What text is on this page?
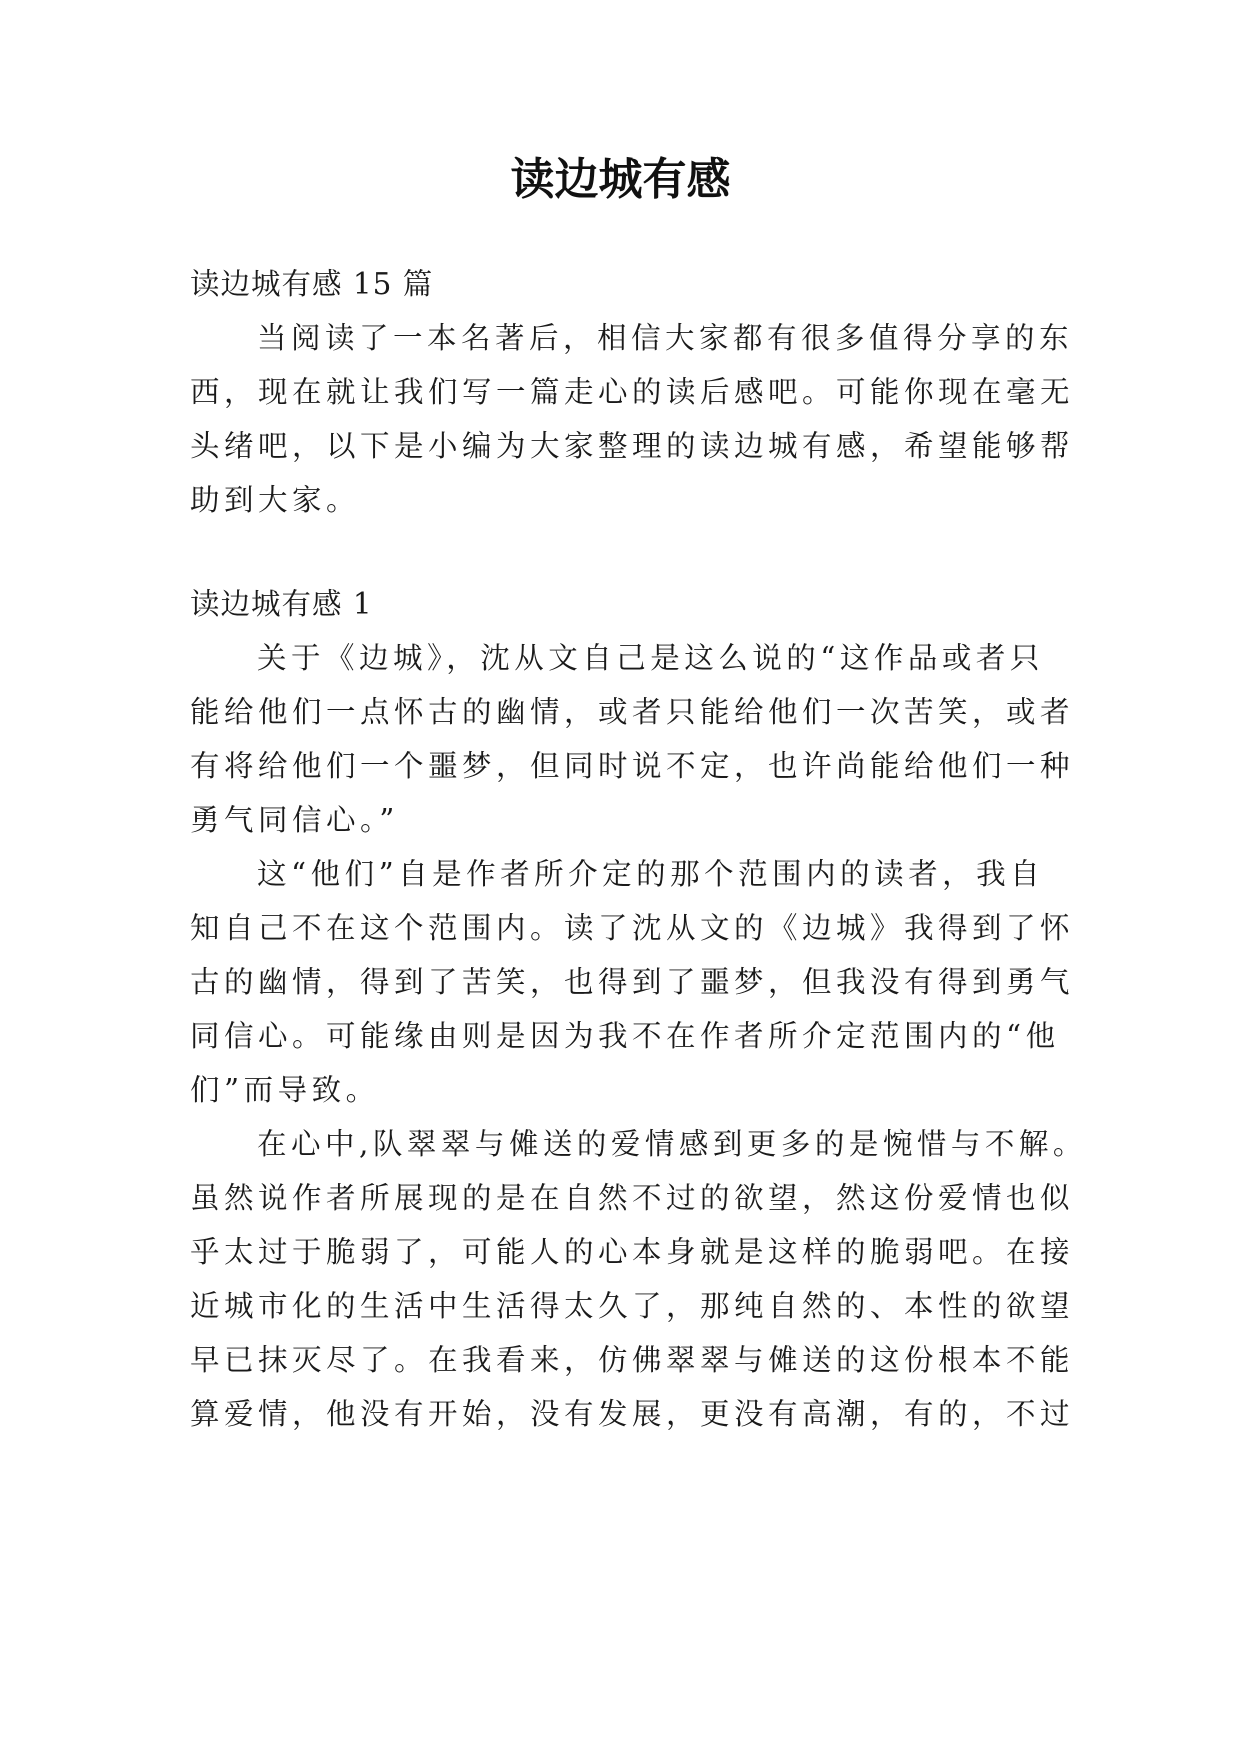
读边城有感
读边城有感 15 篇
当阅读了一本名著后，相信大家都有很多值得分享的东
西，现在就让我们写一篇走心的读后感吧。可能你现在毫无
头绪吧，以下是小编为大家整理的读边城有感，希望能够帮
助到大家。
读边城有感 1
关于《边城》，沈从文自己是这么说的“这作品或者只
能给他们一点怀古的幽情，或者只能给他们一次苦笑，或者
有将给他们一个噩梦，但同时说不定，也许尚能给他们一种
勇气同信心。”
这“他们”自是作者所介定的那个范围内的读者，我自
知自己不在这个范围内。读了沈从文的《边城》我得到了怀
古的幽情，得到了苦笑，也得到了噩梦，但我没有得到勇气
同信心。可能缘由则是因为我不在作者所介定范围内的“他
们”而导致。
在心中,队翠翠与傩送的爱情感到更多的是惋惜与不解。
虽然说作者所展现的是在自然不过的欲望，然这份爱情也似
乎太过于脆弱了，可能人的心本身就是这样的脆弱吧。在接
近城市化的生活中生活得太久了，那纯自然的、本性的欲望
早已抹灭尽了。在我看来，仿佛翠翠与傩送的这份根本不能
算爱情，他没有开始，没有发展，更没有高潮，有的，不过
